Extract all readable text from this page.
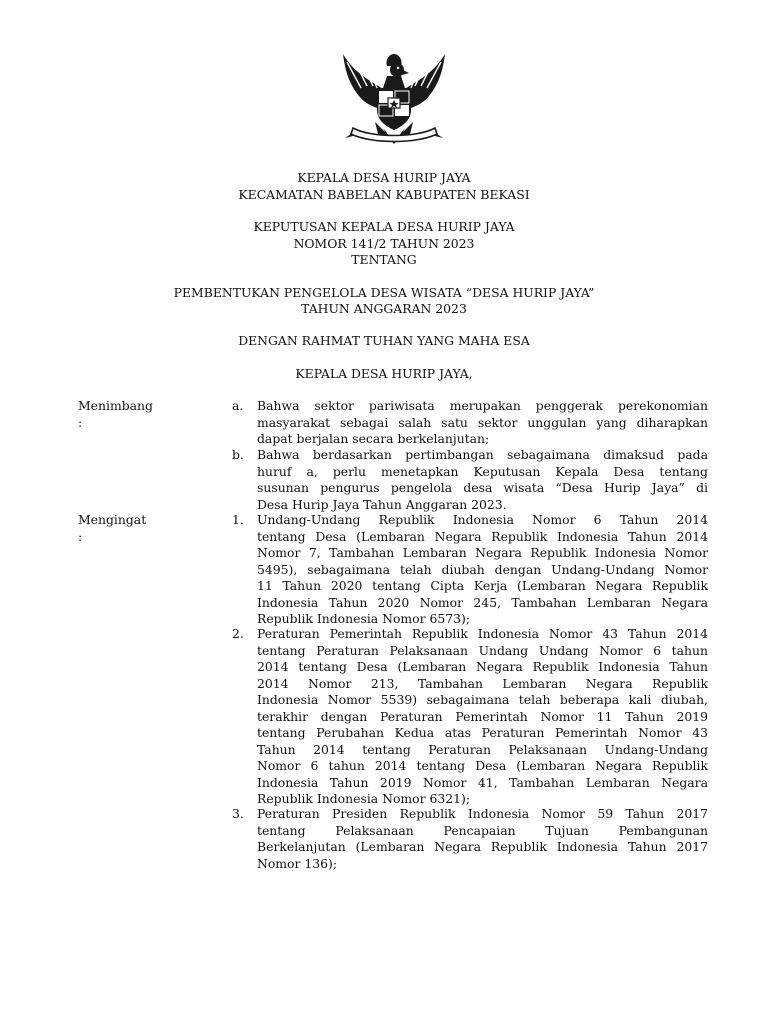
KEPALA DESA HURIP JAYA
KECAMATAN BABELAN KABUPATEN BEKASI
KEPUTUSAN KEPALA DESA HURIP JAYA
NOMOR 141/2 TAHUN 2023
TENTANG
PEMBENTUKAN PENGELOLA DESA WISATA “DESA HURIP JAYA”
TAHUN ANGGARAN 2023
DENGAN RAHMAT TUHAN YANG MAHA ESA
KEPALA DESA HURIP JAYA,
Menimbang
:
a. Bahwa sektor pariwisata merupakan penggerak perekonomian
masyarakat sebagai salah satu sektor unggulan yang diharapkan
dapat berjalan secara berkelanjutan;
b. Bahwa berdasarkan pertimbangan sebagaimana dimaksud pada
huruf a, perlu menetapkan Keputusan Kepala Desa tentang
susunan pengurus pengelola desa wisata “Desa Hurip Jaya” di
Desa Hurip Jaya Tahun Anggaran 2023.
Mengingat
:
1. Undang-Undang Republik Indonesia Nomor 6 Tahun 2014
tentang Desa (Lembaran Negara Republik Indonesia Tahun 2014
Nomor 7, Tambahan Lembaran Negara Republik Indonesia Nomor
5495), sebagaimana telah diubah dengan Undang-Undang Nomor
11 Tahun 2020 tentang Cipta Kerja (Lembaran Negara Republik
Indonesia Tahun 2020 Nomor 245, Tambahan Lembaran Negara
Republik Indonesia Nomor 6573);
2. Peraturan Pemerintah Republik Indonesia Nomor 43 Tahun 2014
tentang Peraturan Pelaksanaan Undang Undang Nomor 6 tahun
2014 tentang Desa (Lembaran Negara Republik Indonesia Tahun
2014 Nomor 213, Tambahan Lembaran Negara Republik
Indonesia Nomor 5539) sebagaimana telah beberapa kali diubah,
terakhir dengan Peraturan Pemerintah Nomor 11 Tahun 2019
tentang Perubahan Kedua atas Peraturan Pemerintah Nomor 43
Tahun 2014 tentang Peraturan Pelaksanaan Undang-Undang
Nomor 6 tahun 2014 tentang Desa (Lembaran Negara Republik
Indonesia Tahun 2019 Nomor 41, Tambahan Lembaran Negara
Republik Indonesia Nomor 6321);
3. Peraturan Presiden Republik Indonesia Nomor 59 Tahun 2017
tentang Pelaksanaan Pencapaian Tujuan Pembangunan
Berkelanjutan (Lembaran Negara Republik Indonesia Tahun 2017
Nomor 136);
